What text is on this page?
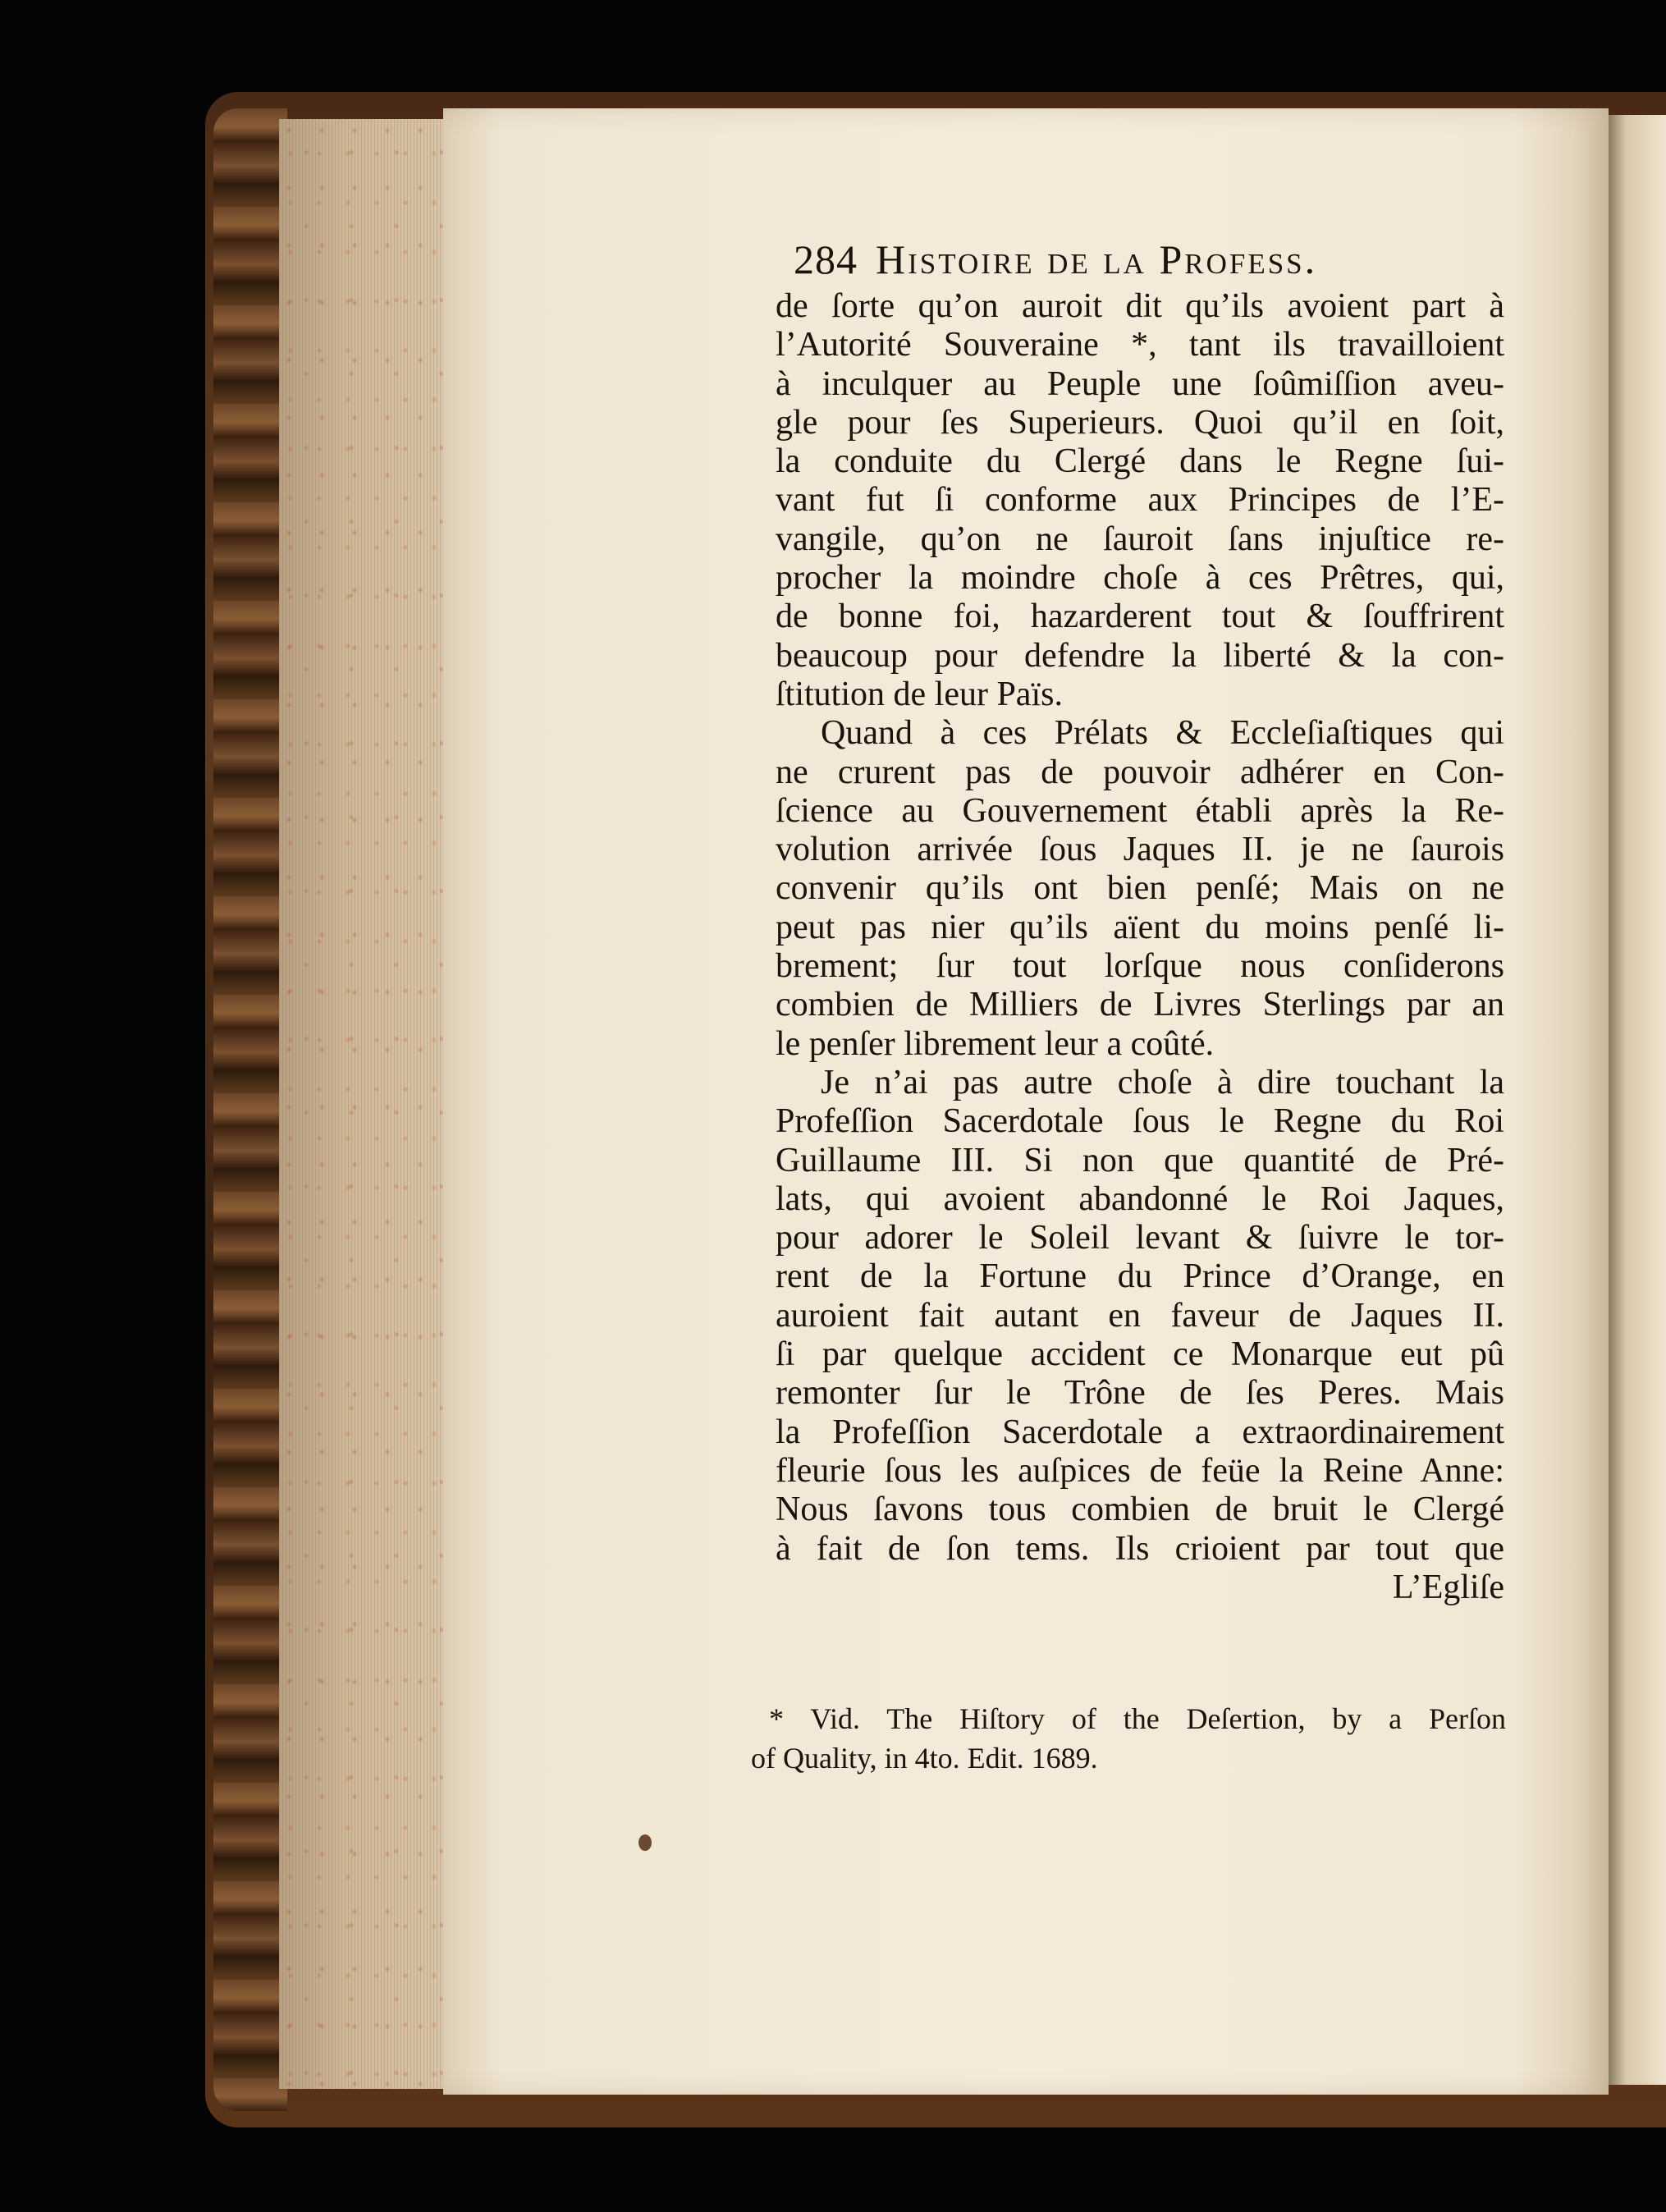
284 Histoire de la Profess.
de ſorte qu’on auroit dit qu’ils avoient part à
l’Autorité Souveraine *, tant ils travailloient
à inculquer au Peuple une ſoûmiſſion aveu-
gle pour ſes Superieurs. Quoi qu’il en ſoit,
la conduite du Clergé dans le Regne ſui-
vant fut ſi conforme aux Principes de l’E-
vangile, qu’on ne ſauroit ſans injuſtice re-
procher la moindre choſe à ces Prêtres, qui,
de bonne foi, hazarderent tout & ſouffrirent
beaucoup pour defendre la liberté & la con-
ſtitution de leur Païs.
Quand à ces Prélats & Eccleſiaſtiques qui
ne crurent pas de pouvoir adhérer en Con-
ſcience au Gouvernement établi après la Re-
volution arrivée ſous Jaques II. je ne ſaurois
convenir qu’ils ont bien penſé; Mais on ne
peut pas nier qu’ils aïent du moins penſé li-
brement; ſur tout lorſque nous conſiderons
combien de Milliers de Livres Sterlings par an
le penſer librement leur a coûté.
Je n’ai pas autre choſe à dire touchant la
Profeſſion Sacerdotale ſous le Regne du Roi
Guillaume III. Si non que quantité de Pré-
lats, qui avoient abandonné le Roi Jaques,
pour adorer le Soleil levant & ſuivre le tor-
rent de la Fortune du Prince d’Orange, en
auroient fait autant en faveur de Jaques II.
ſi par quelque accident ce Monarque eut pû
remonter ſur le Trône de ſes Peres. Mais
la Profeſſion Sacerdotale a extraordinairement
fleurie ſous les auſpices de feüe la Reine Anne:
Nous ſavons tous combien de bruit le Clergé
à fait de ſon tems. Ils crioient par tout que
L’Egliſe
* Vid. The Hiſtory of the Deſertion, by a Perſon
of Quality, in 4to. Edit. 1689.
